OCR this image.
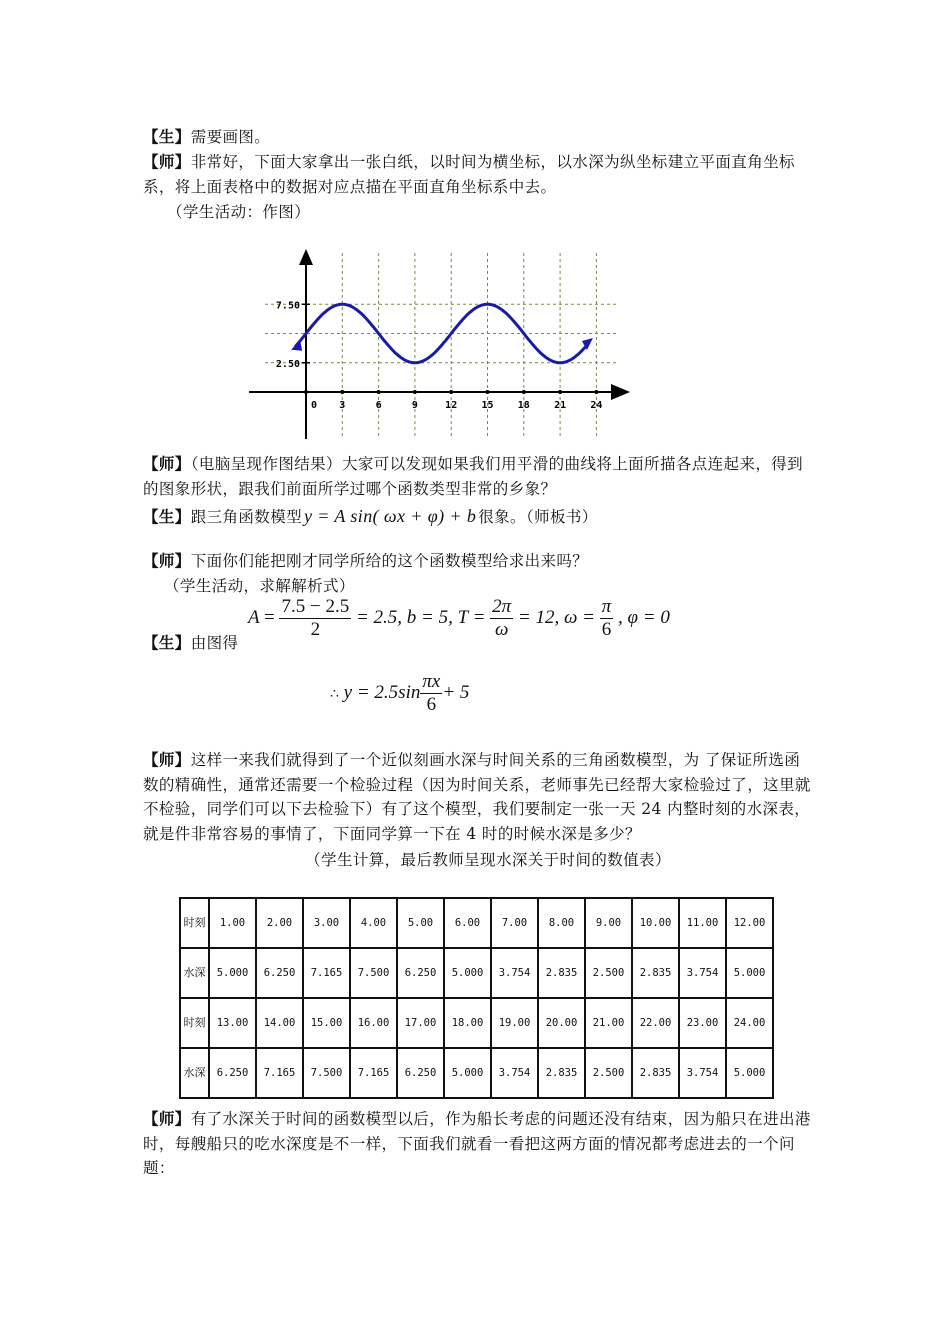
【生】需要画图。
【师】非常好，下面大家拿出一张白纸，以时间为横坐标，以水深为纵坐标建立平面直角坐标系，将上面表格中的数据对应点描在平面直角坐标系中去。
（学生活动：作图）
0 3	6	9	12 15 18 21 24
2.50
7.50
【师】（电脑呈现作图结果）大家可以发现如果我们用平滑的曲线将上面所描各点连起来，得到的图象形状，跟我们前面所学过哪个函数类型非常的乡象？
【生】跟三角函数模型 y = A sin( ωx + φ) + b 很象。（师板书）
【师】下面你们能把刚才同学所给的这个函数模型给求出来吗？
（学生活动，求解解析式）
$A = \frac{7.5 - 2.5}{2} = 2.5$, b = 5, $T = \frac{2\pi}{\omega} = 12$, $\omega = \frac{\pi}{6}$ , φ = 0
【生】由图得
∴ $y = 2.5\sin \frac{\pi x}{6} + 5$
【师】这样一来我们就得到了一个近似刻画水深与时间关系的三角函数模型，为 了保证所选函数的精确性，通常还需要一个检验过程（因为时间关系，老师事先已经帮大家检验过了，这里就不检验，同学们可以下去检验下）有了这个模型，我们要制定一张一天 24 内整时刻的水深表，就是件非常容易的事情了，下面同学算一下在 4 时的时候水深是多少？
（学生计算，最后教师呈现水深关于时间的数值表）
时刻	1.00	2.00	3.00	4.00	5.00	6.00	7.00	8.00	9.00	10.00	11.00	12.00
水深	5.000	6.250	7.165	7.500	6.250	5.000	3.754	2.835	2.500	2.835	3.754	5.000
时刻	13.00	14.00	15.00	16.00	17.00	18.00	19.00	20.00	21.00	22.00	23.00	24.00
水深	6.250	7.165	7.500	7.165	6.250	5.000	3.754	2.835	2.500	2.835	3.754	5.000
【师】有了水深关于时间的函数模型以后，作为船长考虑的问题还没有结束，因为船只在进出港时，每艘船只的吃水深度是不一样，下面我们就看一看把这两方面的情况都考虑进去的一个问题：
